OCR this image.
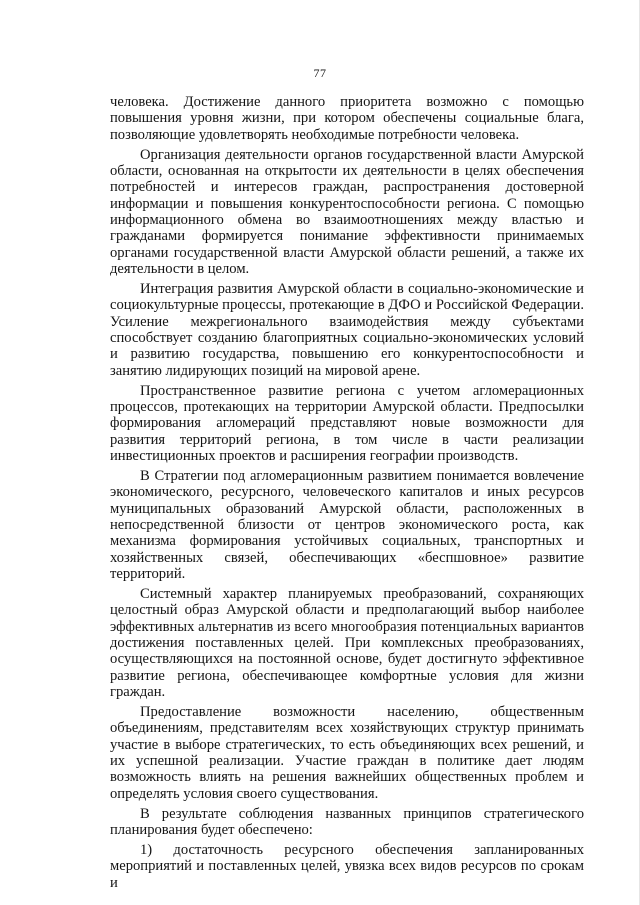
77

человека. Достижение данного приоритета возможно с помощью повышения уровня жизни, при котором обеспечены социальные блага, позволяющие удовлетворять необходимые потребности человека.

Организация деятельности органов государственной власти Амурской области, основанная на открытости их деятельности в целях обеспечения потребностей и интересов граждан, распространения достоверной информации и повышения конкурентоспособности региона. С помощью информационного обмена во взаимоотношениях между властью и гражданами формируется понимание эффективности принимаемых органами государственной власти Амурской области решений, а также их деятельности в целом.

Интеграция развития Амурской области в социально-экономические и социокультурные процессы, протекающие в ДФО и Российской Федерации. Усиление межрегионального взаимодействия между субъектами способствует созданию благоприятных социально-экономических условий и развитию государства, повышению его конкурентоспособности и занятию лидирующих позиций на мировой арене.

Пространственное развитие региона с учетом агломерационных процессов, протекающих на территории Амурской области. Предпосылки формирования агломераций представляют новые возможности для развития территорий региона, в том числе в части реализации инвестиционных проектов и расширения географии производств.

В Стратегии под агломерационным развитием понимается вовлечение экономического, ресурсного, человеческого капиталов и иных ресурсов муниципальных образований Амурской области, расположенных в непосредственной близости от центров экономического роста, как механизма формирования устойчивых социальных, транспортных и хозяйственных связей, обеспечивающих «беспшовное» развитие территорий.

Системный характер планируемых преобразований, сохраняющих целостный образ Амурской области и предполагающий выбор наиболее эффективных альтернатив из всего многообразия потенциальных вариантов достижения поставленных целей. При комплексных преобразованиях, осуществляющихся на постоянной основе, будет достигнуто эффективное развитие региона, обеспечивающее комфортные условия для жизни граждан.

Предоставление возможности населению, общественным объединениям, представителям всех хозяйствующих структур принимать участие в выборе стратегических, то есть объединяющих всех решений, и их успешной реализации. Участие граждан в политике дает людям возможность влиять на решения важнейших общественных проблем и определять условия своего существования.

В результате соблюдения названных принципов стратегического планирования будет обеспечено:

1) достаточность ресурсного обеспечения запланированных мероприятий и поставленных целей, увязка всех видов ресурсов по срокам и
